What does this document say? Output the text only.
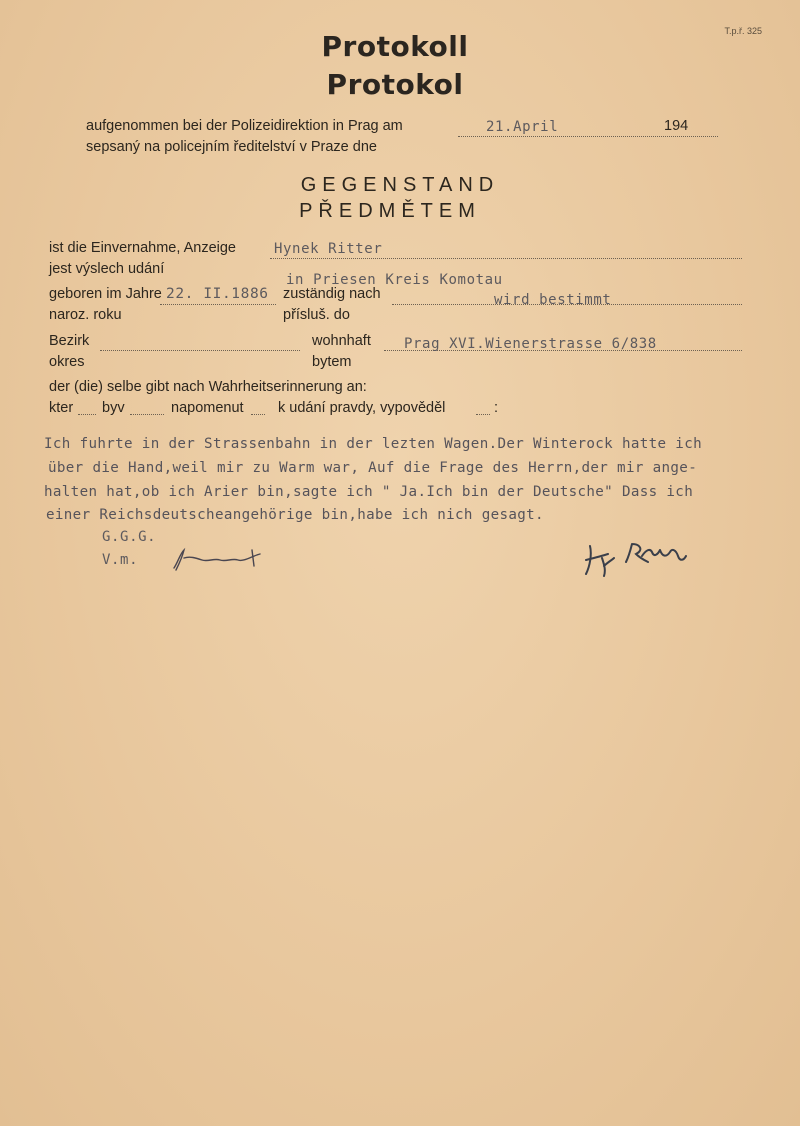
T.p.ř. 325
Protokoll
Protokol
aufgenommen bei der Polizeidirektion in Prag am	21.April	194
sepsaný na policejním ředitelství v Praze dne
GEGENSTAND
PŘEDMĚTEM
ist die Einvernahme, Anzeige	Hynek Ritter
jest výslech udání
in Priesen Kreis Komotau
geboren im Jahre 22. II.1886 zuständig nach	wird bestimmt
naroz. roku	přísluš. do
Bezirk	wohnhaft Prag XVI.Wienerstrasse 6/838
okres	bytem
der (die) selbe gibt nach Wahrheitserinnerung an:
kter byv	napomenut k udání pravdy, vypověděl	:
Ich fuhrte in der Strassenbahn in der lezten Wagen.Der Winterock hatte ich
über die Hand,weil mir zu Warm war, Auf die Frage des Herrn,der mir ange-
halten hat,ob ich Arier bin,sagte ich " Ja.Ich bin der Deutsche" Dass ich
einer Reichsdeutscheangehörige bin,habe ich nich gesagt.
G.G.G.
V.m.
